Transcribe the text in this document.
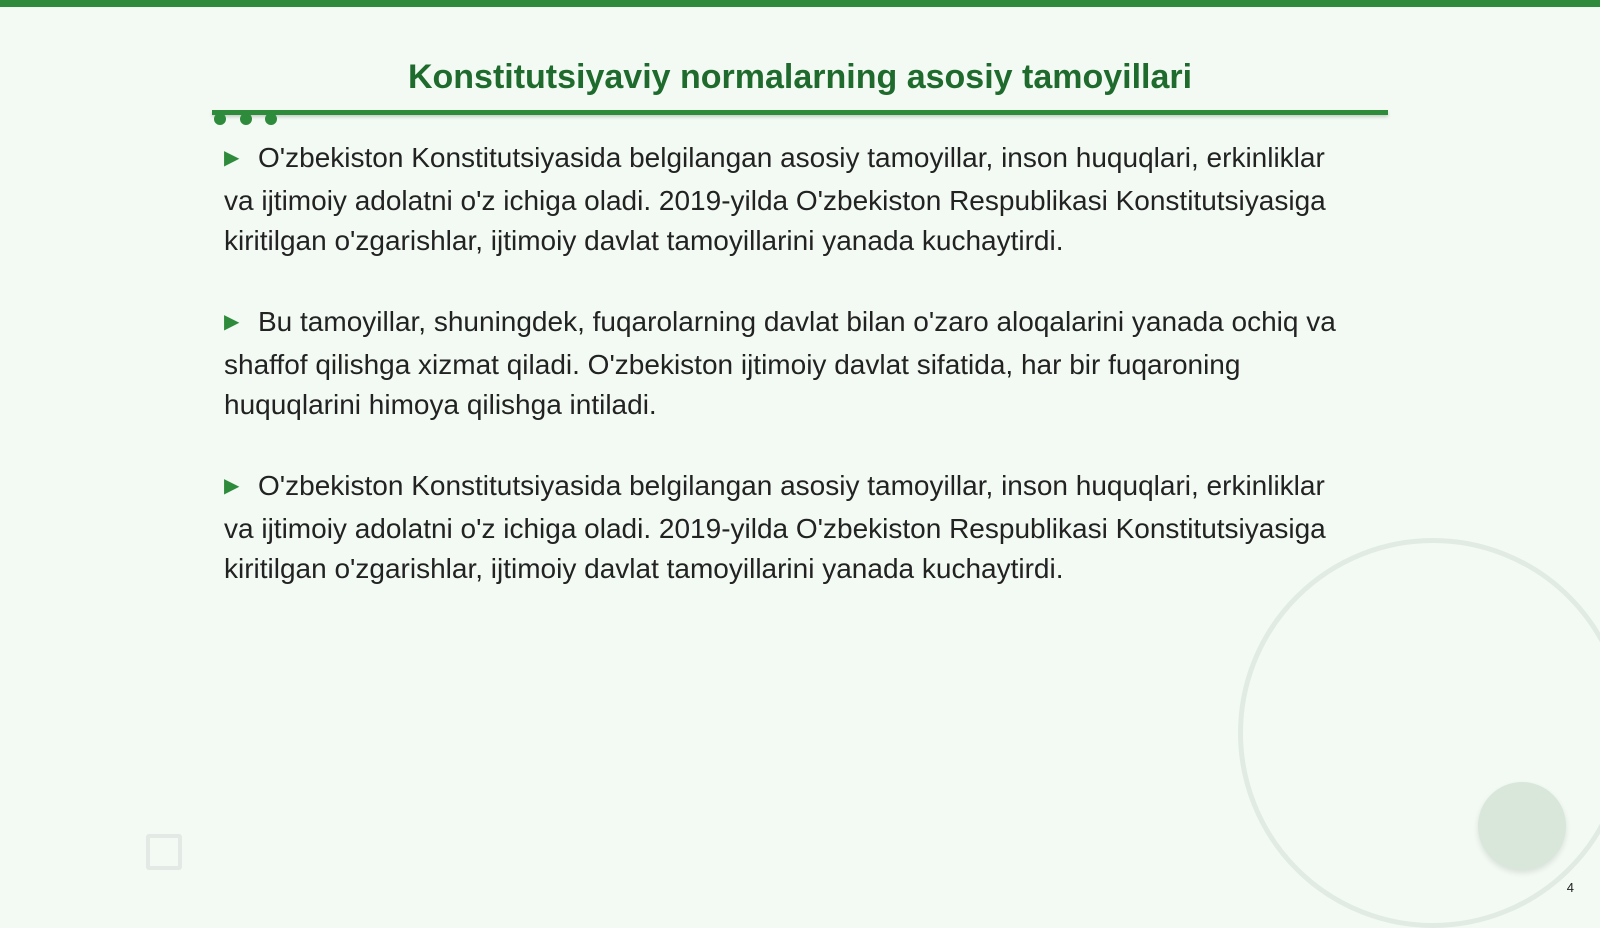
Konstitutsiyaviy normalarning asosiy tamoyillari

▶ O'zbekiston Konstitutsiyasida belgilangan asosiy tamoyillar, inson huquqlari, erkinliklar va ijtimoiy adolatni o'z ichiga oladi. 2019-yilda O'zbekiston Respublikasi Konstitutsiyasiga kiritilgan o'zgarishlar, ijtimoiy davlat tamoyillarini yanada kuchaytirdi.

▶ Bu tamoyillar, shuningdek, fuqarolarning davlat bilan o'zaro aloqalarini yanada ochiq va shaffof qilishga xizmat qiladi. O'zbekiston ijtimoiy davlat sifatida, har bir fuqaroning huquqlarini himoya qilishga intiladi.

▶ O'zbekiston Konstitutsiyasida belgilangan asosiy tamoyillar, inson huquqlari, erkinliklar va ijtimoiy adolatni o'z ichiga oladi. 2019-yilda O'zbekiston Respublikasi Konstitutsiyasiga kiritilgan o'zgarishlar, ijtimoiy davlat tamoyillarini yanada kuchaytirdi.

4
